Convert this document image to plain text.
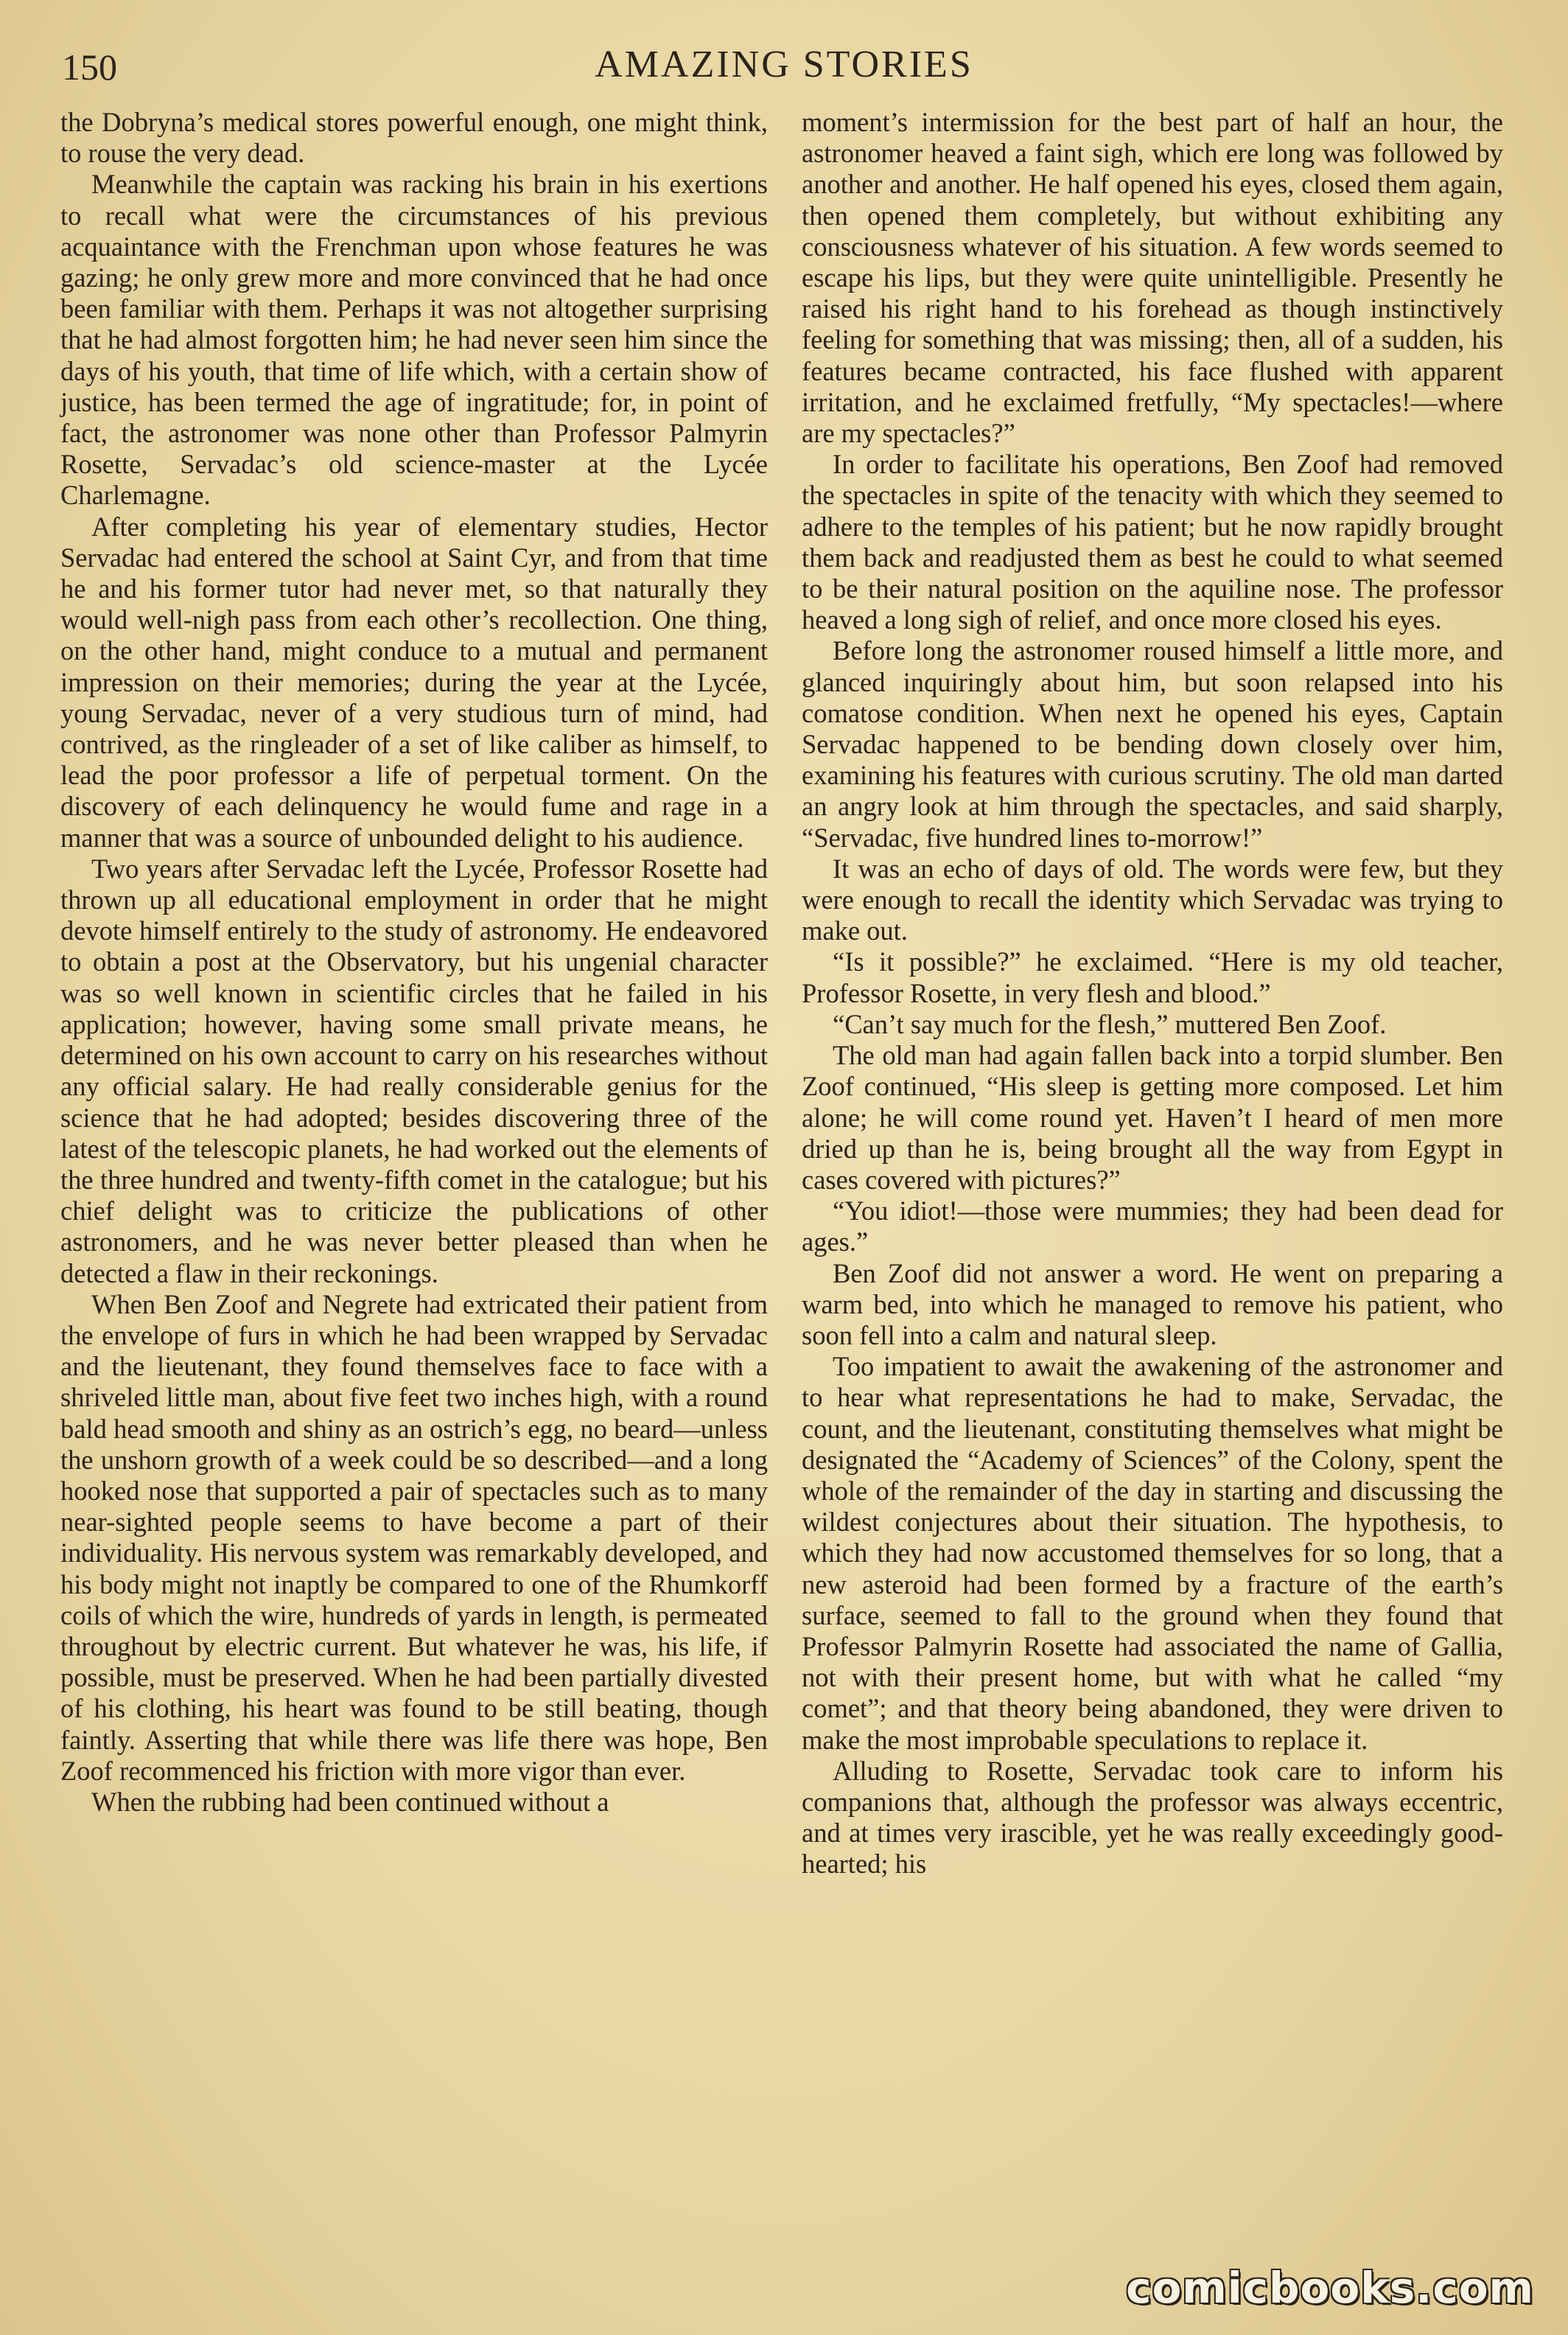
150	AMAZING STORIES

the Dobryna’s medical stores powerful enough, one might think, to rouse the very dead.

Meanwhile the captain was racking his brain in his exertions to recall what were the circumstances of his previous acquaintance with the Frenchman upon whose features he was gazing; he only grew more and more convinced that he had once been familiar with them. Perhaps it was not altogether surprising that he had almost forgotten him; he had never seen him since the days of his youth, that time of life which, with a certain show of justice, has been termed the age of ingratitude; for, in point of fact, the astronomer was none other than Professor Palmyrin Rosette, Servadac’s old science-master at the Lycée Charlemagne.

After completing his year of elementary studies, Hector Servadac had entered the school at Saint Cyr, and from that time he and his former tutor had never met, so that naturally they would well-nigh pass from each other’s recollection. One thing, on the other hand, might conduce to a mutual and permanent impression on their memories; during the year at the Lycée, young Servadac, never of a very studious turn of mind, had contrived, as the ringleader of a set of like caliber as himself, to lead the poor professor a life of perpetual torment. On the discovery of each delinquency he would fume and rage in a manner that was a source of unbounded delight to his audience.

Two years after Servadac left the Lycée, Professor Rosette had thrown up all educational employment in order that he might devote himself entirely to the study of astronomy. He endeavored to obtain a post at the Observatory, but his ungenial character was so well known in scientific circles that he failed in his application; however, having some small private means, he determined on his own account to carry on his researches without any official salary. He had really considerable genius for the science that he had adopted; besides discovering three of the latest of the telescopic planets, he had worked out the elements of the three hundred and twenty-fifth comet in the catalogue; but his chief delight was to criticize the publications of other astronomers, and he was never better pleased than when he detected a flaw in their reckonings.

When Ben Zoof and Negrete had extricated their patient from the envelope of furs in which he had been wrapped by Servadac and the lieutenant, they found themselves face to face with a shriveled little man, about five feet two inches high, with a round bald head smooth and shiny as an ostrich’s egg, no beard—unless the unshorn growth of a week could be so described—and a long hooked nose that supported a pair of spectacles such as to many near-sighted people seems to have become a part of their individuality. His nervous system was remarkably developed, and his body might not inaptly be compared to one of the Rhumkorff coils of which the wire, hundreds of yards in length, is permeated throughout by electric current. But whatever he was, his life, if possible, must be preserved. When he had been partially divested of his clothing, his heart was found to be still beating, though faintly. Asserting that while there was life there was hope, Ben Zoof recommenced his friction with more vigor than ever.

When the rubbing had been continued without a

moment’s intermission for the best part of half an hour, the astronomer heaved a faint sigh, which ere long was followed by another and another. He half opened his eyes, closed them again, then opened them completely, but without exhibiting any consciousness whatever of his situation. A few words seemed to escape his lips, but they were quite unintelligible. Presently he raised his right hand to his forehead as though instinctively feeling for something that was missing; then, all of a sudden, his features became contracted, his face flushed with apparent irritation, and he exclaimed fretfully, “My spectacles!—where are my spectacles?”

In order to facilitate his operations, Ben Zoof had removed the spectacles in spite of the tenacity with which they seemed to adhere to the temples of his patient; but he now rapidly brought them back and readjusted them as best he could to what seemed to be their natural position on the aquiline nose. The professor heaved a long sigh of relief, and once more closed his eyes.

Before long the astronomer roused himself a little more, and glanced inquiringly about him, but soon relapsed into his comatose condition. When next he opened his eyes, Captain Servadac happened to be bending down closely over him, examining his features with curious scrutiny. The old man darted an angry look at him through the spectacles, and said sharply, “Servadac, five hundred lines to-morrow!”

It was an echo of days of old. The words were few, but they were enough to recall the identity which Servadac was trying to make out.

“Is it possible?” he exclaimed. “Here is my old teacher, Professor Rosette, in very flesh and blood.”

“Can’t say much for the flesh,” muttered Ben Zoof.

The old man had again fallen back into a torpid slumber. Ben Zoof continued, “His sleep is getting more composed. Let him alone; he will come round yet. Haven’t I heard of men more dried up than he is, being brought all the way from Egypt in cases covered with pictures?”

“You idiot!—those were mummies; they had been dead for ages.”

Ben Zoof did not answer a word. He went on preparing a warm bed, into which he managed to remove his patient, who soon fell into a calm and natural sleep.

Too impatient to await the awakening of the astronomer and to hear what representations he had to make, Servadac, the count, and the lieutenant, constituting themselves what might be designated the “Academy of Sciences” of the Colony, spent the whole of the remainder of the day in starting and discussing the wildest conjectures about their situation. The hypothesis, to which they had now accustomed themselves for so long, that a new asteroid had been formed by a fracture of the earth’s surface, seemed to fall to the ground when they found that Professor Palmyrin Rosette had associated the name of Gallia, not with their present home, but with what he called “my comet”; and that theory being abandoned, they were driven to make the most improbable speculations to replace it.

Alluding to Rosette, Servadac took care to inform his companions that, although the professor was always eccentric, and at times very irascible, yet he was really exceedingly good-hearted; his

comicbooks.com
